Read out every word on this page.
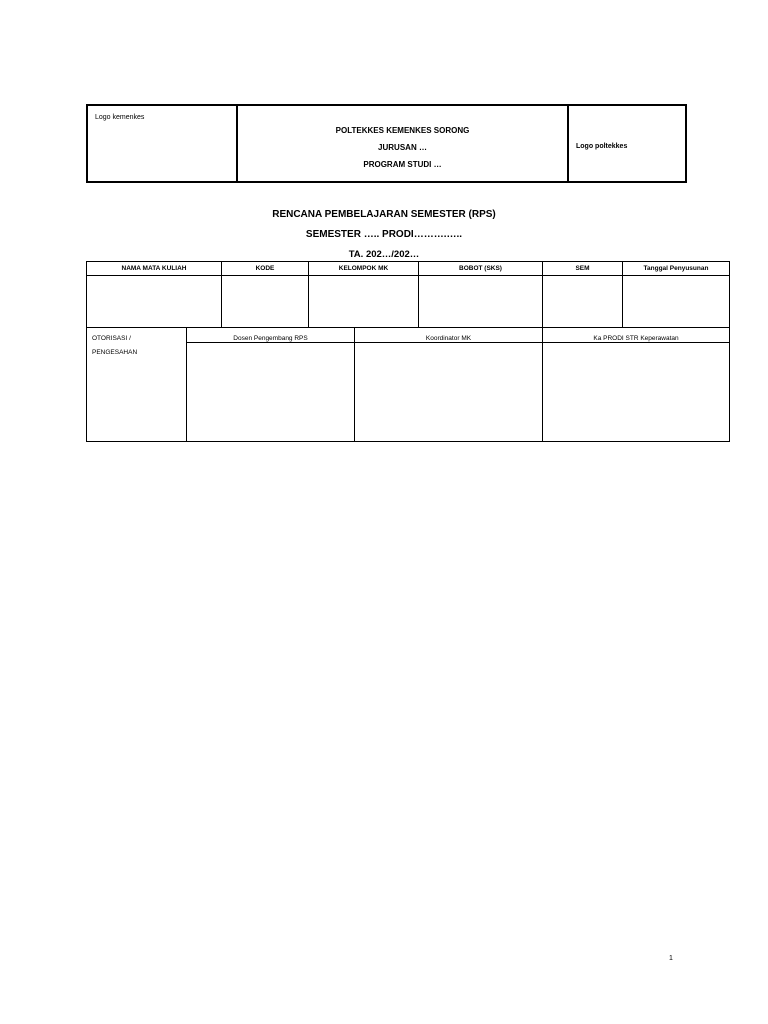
Logo kemenkes
POLTEKKES KEMENKES SORONG
JURUSAN …
PROGRAM STUDI …
Logo poltekkes
RENCANA PEMBELAJARAN SEMESTER (RPS)
SEMESTER ….. PRODI……….…..
TA. 202…/202…
NAMA MATA KULIAH	KODE	KELOMPOK MK	BOBOT (SKS)	SEM	Tanggal Penyusunan

OTORISASI /
PENGESAHAN	Dosen Pengembang RPS	Koordinator MK	Ka PRODI STR Keperawatan

1
